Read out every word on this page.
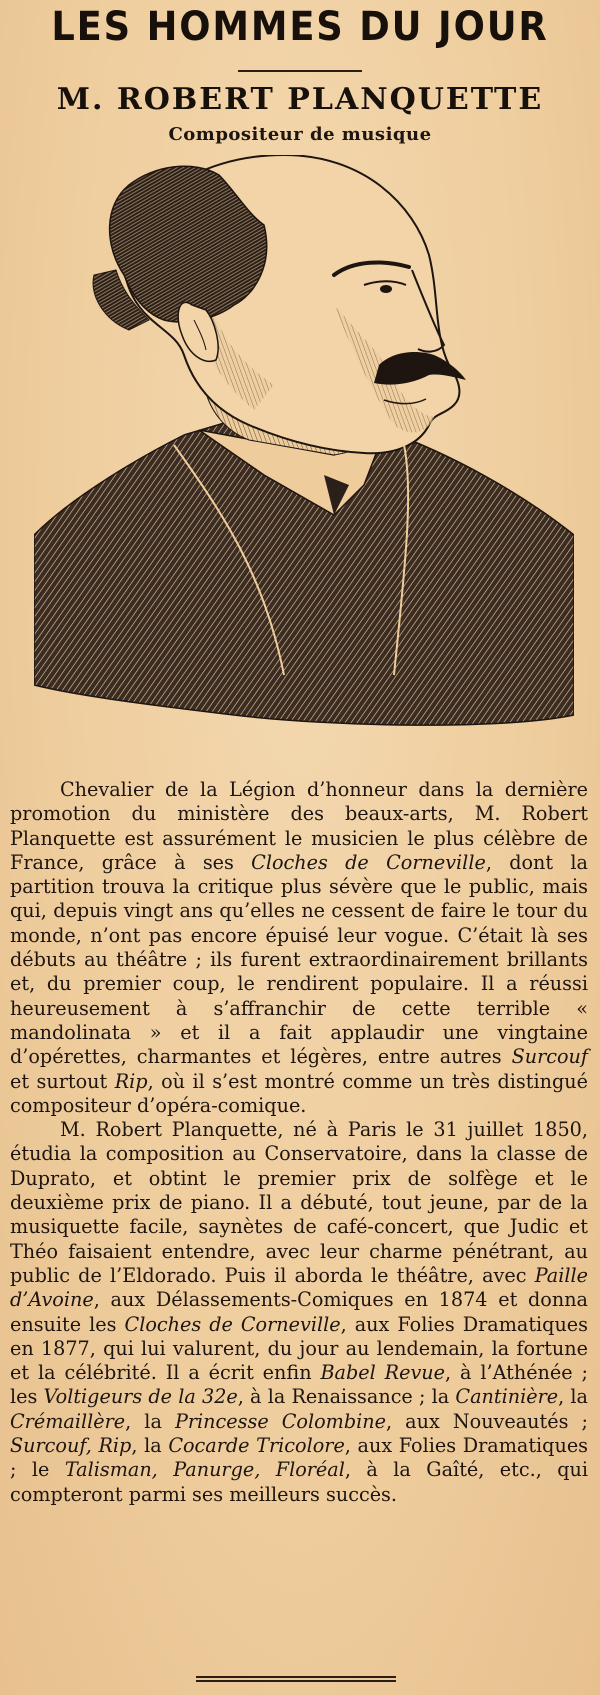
LES HOMMES DU JOUR
M. ROBERT PLANQUETTE
Compositeur de musique

Chevalier de la Légion d’honneur dans la dernière promotion du ministère des beaux-arts, M. Robert Planquette est assurément le musicien le plus célèbre de France, grâce à ses Cloches de Corneville, dont la partition trouva la critique plus sévère que le public, mais qui, depuis vingt ans qu’elles ne cessent de faire le tour du monde, n’ont pas encore épuisé leur vogue. C’était là ses débuts au théâtre ; ils furent extraordinairement brillants et, du premier coup, le rendirent populaire. Il a réussi heureusement à s’affranchir de cette terrible « mandolinata » et il a fait applaudir une vingtaine d’opérettes, charmantes et légères, entre autres Surcouf et surtout Rip, où il s’est montré comme un très distingué compositeur d’opéra-comique.

M. Robert Planquette, né à Paris le 31 juillet 1850, étudia la composition au Conservatoire, dans la classe de Duprato, et obtint le premier prix de solfège et le deuxième prix de piano. Il a débuté, tout jeune, par de la musiquette facile, saynètes de café-concert, que Judic et Théo faisaient entendre, avec leur charme pénétrant, au public de l’Eldorado. Puis il aborda le théâtre, avec Paille d’Avoine, aux Délassements-Comiques en 1874 et donna ensuite les Cloches de Corneville, aux Folies Dramatiques en 1877, qui lui valurent, du jour au lendemain, la fortune et la célébrité. Il a écrit enfin Babel Revue, à l’Athénée ; les Voltigeurs de la 32e, à la Renaissance ; la Cantinière, la Crémaillère, la Princesse Colombine, aux Nouveautés ; Surcouf, Rip, la Cocarde Tricolore, aux Folies Dramatiques ; le Talisman, Panurge, Floréal, à la Gaîté, etc., qui compteront parmi ses meilleurs succès.
